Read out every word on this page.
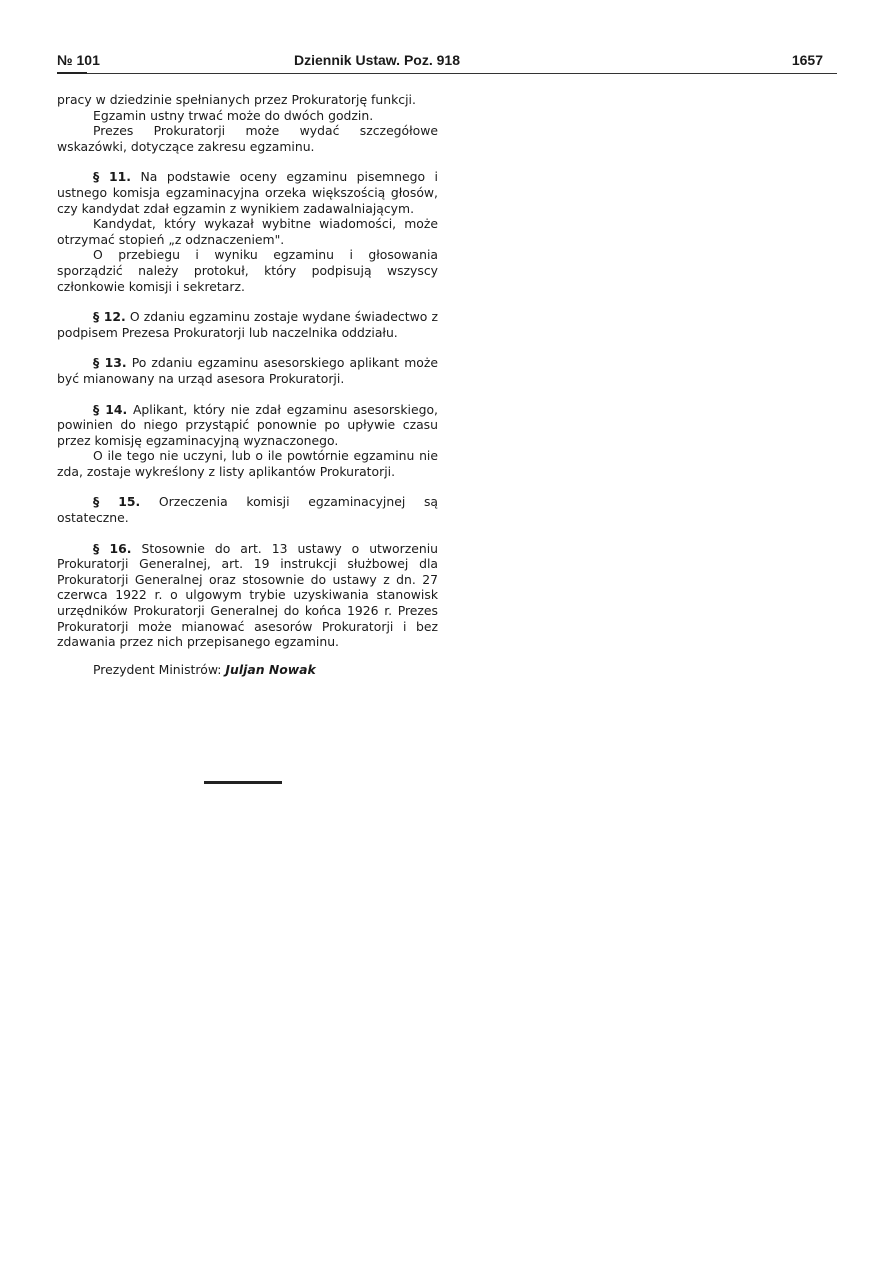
№ 101	Dziennik Ustaw. Poz. 918	1657

pracy w dziedzinie spełnianych przez Prokuratorję funkcji.

Egzamin ustny trwać może do dwóch godzin.

Prezes Prokuratorji może wydać szczegółowe wskazówki, dotyczące zakresu egzaminu.

§ 11. Na podstawie oceny egzaminu pisemnego i ustnego komisja egzaminacyjna orzeka większością głosów, czy kandydat zdał egzamin z wynikiem zadawalniającym.

Kandydat, który wykazał wybitne wiadomości, może otrzymać stopień „z odznaczeniem".

O przebiegu i wyniku egzaminu i głosowania sporządzić należy protokuł, który podpisują wszyscy członkowie komisji i sekretarz.

§ 12. O zdaniu egzaminu zostaje wydane świadectwo z podpisem Prezesa Prokuratorji lub naczelnika oddziału.

§ 13. Po zdaniu egzaminu asesorskiego aplikant może być mianowany na urząd asesora Prokuratorji.

§ 14. Aplikant, który nie zdał egzaminu asesorskiego, powinien do niego przystąpić ponownie po upływie czasu przez komisję egzaminacyjną wyznaczonego.

O ile tego nie uczyni, lub o ile powtórnie egzaminu nie zda, zostaje wykreślony z listy aplikantów Prokuratorji.

§ 15. Orzeczenia komisji egzaminacyjnej są ostateczne.

§ 16. Stosownie do art. 13 ustawy o utworzeniu Prokuratorji Generalnej, art. 19 instrukcji służbowej dla Prokuratorji Generalnej oraz stosownie do ustawy z dn. 27 czerwca 1922 r. o ulgowym trybie uzyskiwania stanowisk urzędników Prokuratorji Generalnej do końca 1926 r. Prezes Prokuratorji może mianować asesorów Prokuratorji i bez zdawania przez nich przepisanego egzaminu.

Prezydent Ministrów: Juljan Nowak
